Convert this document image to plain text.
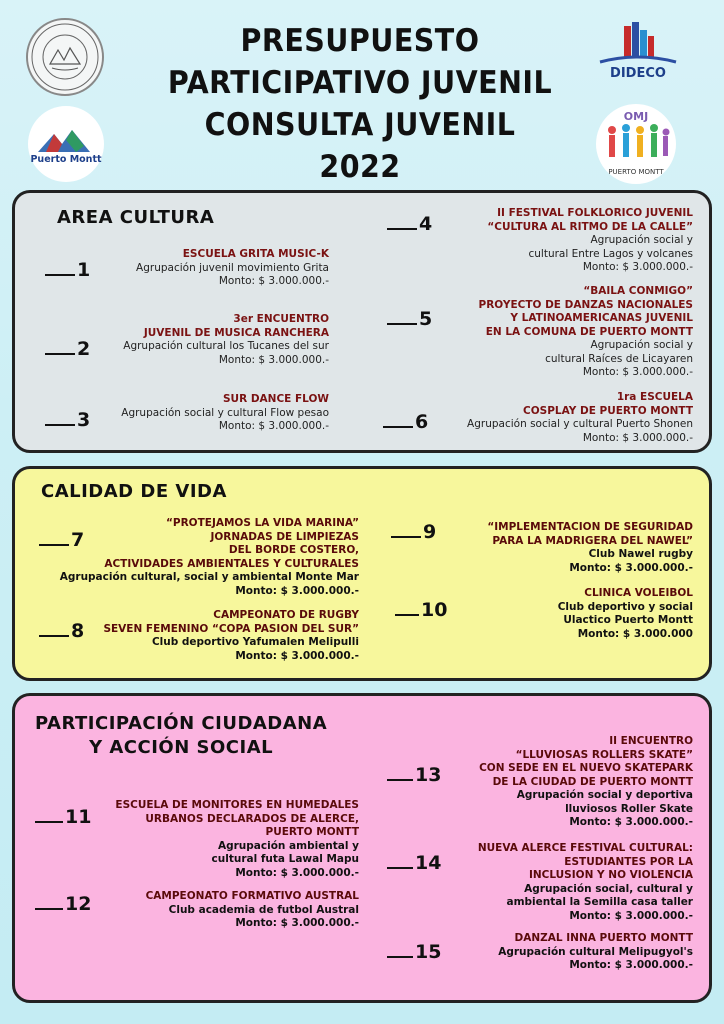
PRESUPUESTO
PARTICIPATIVO JUVENIL
CONSULTA JUVENIL 2022
Puerto Montt
DIDECO
OMJ
PUERTO MONTT
AREA CULTURA
1
ESCUELA GRITA MUSIC-K
Agrupación juvenil movimiento Grita
Monto: $ 3.000.000.-
2
3er ENCUENTRO
JUVENIL DE MUSICA RANCHERA
Agrupación cultural los Tucanes del sur
Monto: $ 3.000.000.-
3
SUR DANCE FLOW
Agrupación social y cultural Flow pesao
Monto: $ 3.000.000.-
4	II FESTIVAL FOLKLORICO JUVENIL
“CULTURA AL RITMO DE LA CALLE”
Agrupación social y
cultural Entre Lagos y volcanes
Monto: $ 3.000.000.-
5
“BAILA CONMIGO”
PROYECTO DE DANZAS NACIONALES
Y LATINOAMERICANAS JUVENIL
EN LA COMUNA DE PUERTO MONTT
Agrupación social y
cultural Raíces de Licayaren
Monto: $ 3.000.000.-
6
1ra ESCUELA
COSPLAY DE PUERTO MONTT
Agrupación social y cultural Puerto Shonen
Monto: $ 3.000.000.-
CALIDAD DE VIDA
7
“PROTEJAMOS LA VIDA MARINA”
JORNADAS DE LIMPIEZAS
DEL BORDE COSTERO,
ACTIVIDADES AMBIENTALES Y CULTURALES
Agrupación cultural, social y ambiental Monte Mar
Monto: $ 3.000.000.-
8
CAMPEONATO DE RUGBY
SEVEN FEMENINO “COPA PASION DEL SUR”
Club deportivo Yafumalen Melipulli
Monto: $ 3.000.000.-
9	“IMPLEMENTACION DE SEGURIDAD
PARA LA MADRIGERA DEL NAWEL”
Club Nawel rugby
Monto: $ 3.000.000.-
10
CLINICA VOLEIBOL
Club deportivo y social
Ulactico Puerto Montt
Monto: $ 3.000.000
PARTICIPACIÓN CIUDADANA
Y ACCIÓN SOCIAL
11
ESCUELA DE MONITORES EN HUMEDALES
URBANOS DECLARADOS DE ALERCE,
PUERTO MONTT
Agrupación ambiental y
cultural futa Lawal Mapu
Monto: $ 3.000.000.-
12	CAMPEONATO FORMATIVO AUSTRAL
Club academia de futbol Austral
Monto: $ 3.000.000.-
13
II ENCUENTRO
“LLUVIOSAS ROLLERS SKATE”
CON SEDE EN EL NUEVO SKATEPARK
DE LA CIUDAD DE PUERTO MONTT
Agrupación social y deportiva
lluviosos Roller Skate
Monto: $ 3.000.000.-
14
NUEVA ALERCE FESTIVAL CULTURAL:
ESTUDIANTES POR LA
INCLUSION Y NO VIOLENCIA
Agrupación social, cultural y
ambiental la Semilla casa taller
Monto: $ 3.000.000.-
15
DANZAL INNA PUERTO MONTT
Agrupación cultural Melipugyol's
Monto: $ 3.000.000.-
